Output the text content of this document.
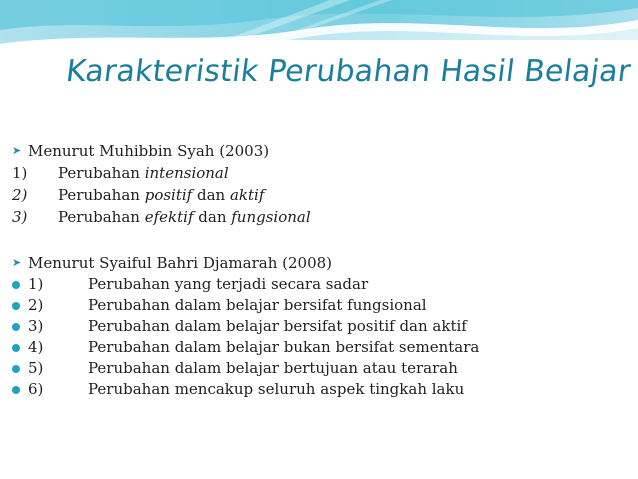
Karakteristik Perubahan Hasil Belajar
➤ Menurut Muhibbin Syah (2003)
1)	Perubahan intensional
2)	Perubahan positif dan aktif
3)	Perubahan efektif dan fungsional
➤ Menurut Syaiful Bahri Djamarah (2008)
1)	Perubahan yang terjadi secara sadar
2)	Perubahan dalam belajar bersifat fungsional
3)	Perubahan dalam belajar bersifat positif dan aktif
4)	Perubahan dalam belajar bukan bersifat sementara
5)	Perubahan dalam belajar bertujuan atau terarah
6)	Perubahan mencakup seluruh aspek tingkah laku
